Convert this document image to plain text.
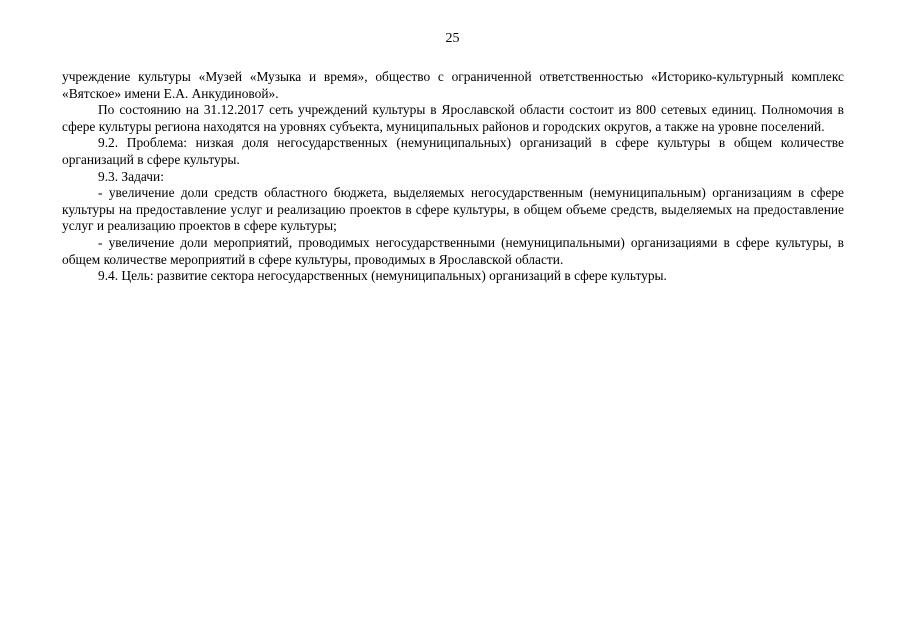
25

учреждение культуры «Музей «Музыка и время», общество с ограниченной ответственностью «Историко-культурный комплекс «Вятское» имени Е.А. Анкудиновой».

По состоянию на 31.12.2017 сеть учреждений культуры в Ярославской области состоит из 800 сетевых единиц. Полномочия в сфере культуры региона находятся на уровнях субъекта, муниципальных районов и городских округов, а также на уровне поселений.

9.2. Проблема: низкая доля негосударственных (немуниципальных) организаций в сфере культуры в общем количестве организаций в сфере культуры.

9.3. Задачи:

- увеличение доли средств областного бюджета, выделяемых негосударственным (немуниципальным) организациям в сфере культуры на предоставление услуг и реализацию проектов в сфере культуры, в общем объеме средств, выделяемых на предоставление услуг и реализацию проектов в сфере культуры;

- увеличение доли мероприятий, проводимых негосударственными (немуниципальными) организациями в сфере культуры, в общем количестве мероприятий в сфере культуры, проводимых в Ярославской области.

9.4. Цель: развитие сектора негосударственных (немуниципальных) организаций в сфере культуры.
